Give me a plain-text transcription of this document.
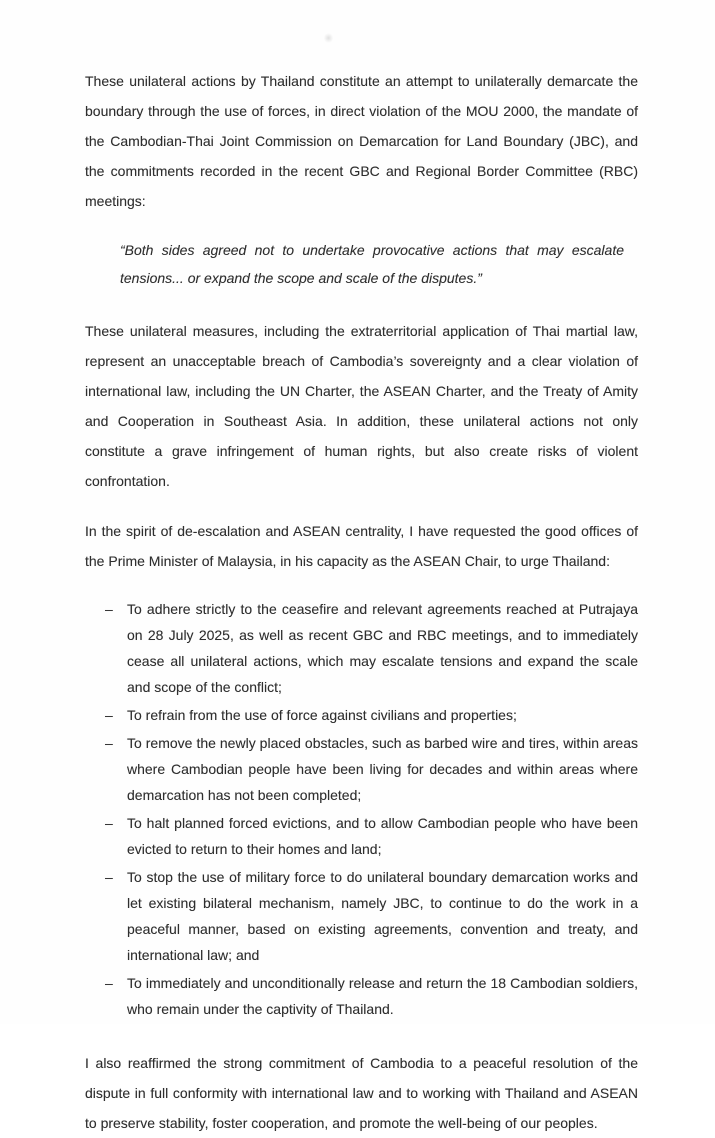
These unilateral actions by Thailand constitute an attempt to unilaterally demarcate the boundary through the use of forces, in direct violation of the MOU 2000, the mandate of the Cambodian-Thai Joint Commission on Demarcation for Land Boundary (JBC), and the commitments recorded in the recent GBC and Regional Border Committee (RBC) meetings:

“Both sides agreed not to undertake provocative actions that may escalate tensions... or expand the scope and scale of the disputes.”

These unilateral measures, including the extraterritorial application of Thai martial law, represent an unacceptable breach of Cambodia’s sovereignty and a clear violation of international law, including the UN Charter, the ASEAN Charter, and the Treaty of Amity and Cooperation in Southeast Asia. In addition, these unilateral actions not only constitute a grave infringement of human rights, but also create risks of violent confrontation.

In the spirit of de-escalation and ASEAN centrality, I have requested the good offices of the Prime Minister of Malaysia, in his capacity as the ASEAN Chair, to urge Thailand:

–	To adhere strictly to the ceasefire and relevant agreements reached at Putrajaya on 28 July 2025, as well as recent GBC and RBC meetings, and to immediately cease all unilateral actions, which may escalate tensions and expand the scale and scope of the conflict;
–	To refrain from the use of force against civilians and properties;
–	To remove the newly placed obstacles, such as barbed wire and tires, within areas where Cambodian people have been living for decades and within areas where demarcation has not been completed;
–	To halt planned forced evictions, and to allow Cambodian people who have been evicted to return to their homes and land;
–	To stop the use of military force to do unilateral boundary demarcation works and let existing bilateral mechanism, namely JBC, to continue to do the work in a peaceful manner, based on existing agreements, convention and treaty, and international law; and
–	To immediately and unconditionally release and return the 18 Cambodian soldiers, who remain under the captivity of Thailand.

I also reaffirmed the strong commitment of Cambodia to a peaceful resolution of the dispute in full conformity with international law and to working with Thailand and ASEAN to preserve stability, foster cooperation, and promote the well-being of our peoples.
